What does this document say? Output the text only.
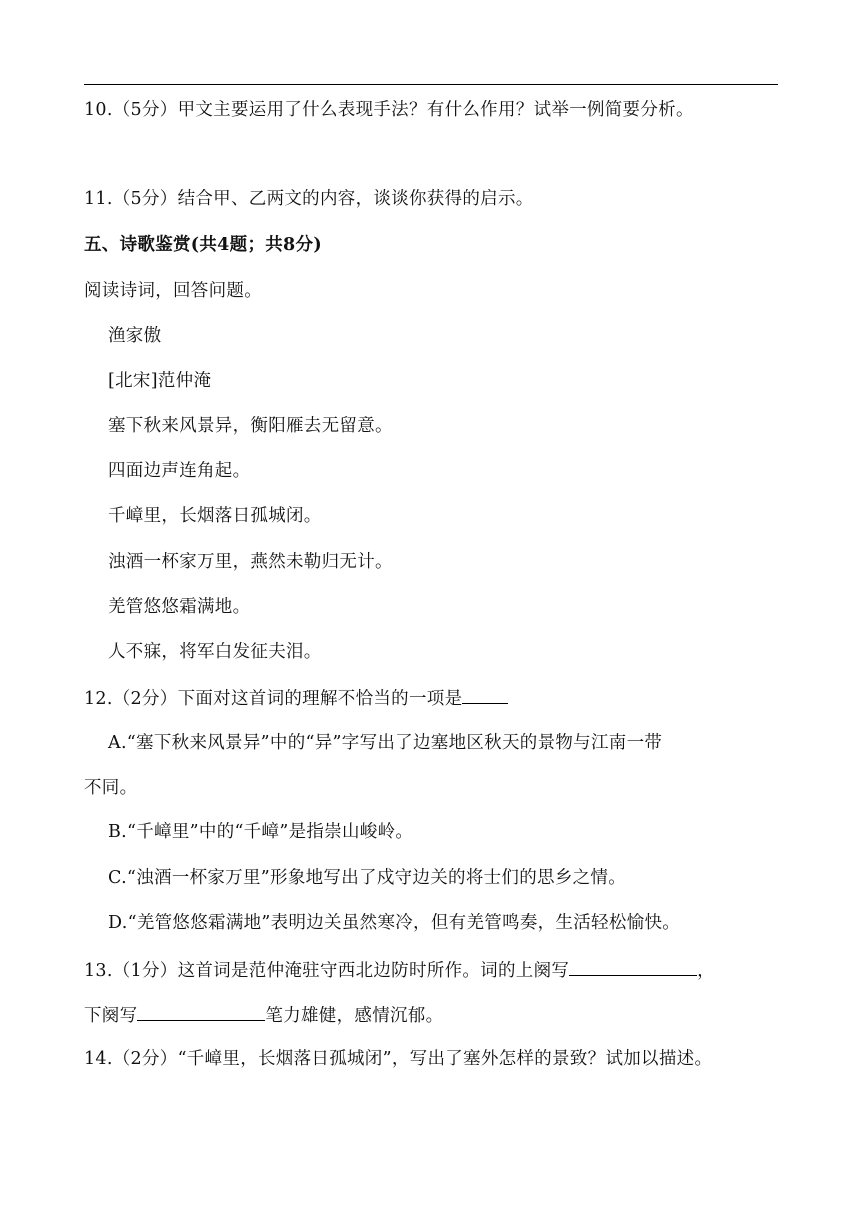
10.（5分）甲文主要运用了什么表现手法？有什么作用？试举一例简要分析。
11.（5分）结合甲、乙两文的内容，谈谈你获得的启示。
五、诗歌鉴赏(共4题；共8分)
阅读诗词，回答问题。
渔家傲
[北宋]范仲淹
塞下秋来风景异，衡阳雁去无留意。
四面边声连角起。
千嶂里，长烟落日孤城闭。
浊酒一杯家万里，燕然未勒归无计。
羌管悠悠霜满地。
人不寐，将军白发征夫泪。
12.（2分）下面对这首词的理解不恰当的一项是
A.“塞下秋来风景异”中的“异”字写出了边塞地区秋天的景物与江南一带
不同。
B.“千嶂里”中的“千嶂”是指崇山峻岭。
C.“浊酒一杯家万里”形象地写出了戍守边关的将士们的思乡之情。
D.“羌管悠悠霜满地”表明边关虽然寒冷，但有羌管鸣奏，生活轻松愉快。
13.（1分）这首词是范仲淹驻守西北边防时所作。词的上阕写	，
下阕写	笔力雄健，感情沉郁。
14.（2分）“千嶂里，长烟落日孤城闭”，写出了塞外怎样的景致？试加以描述。
